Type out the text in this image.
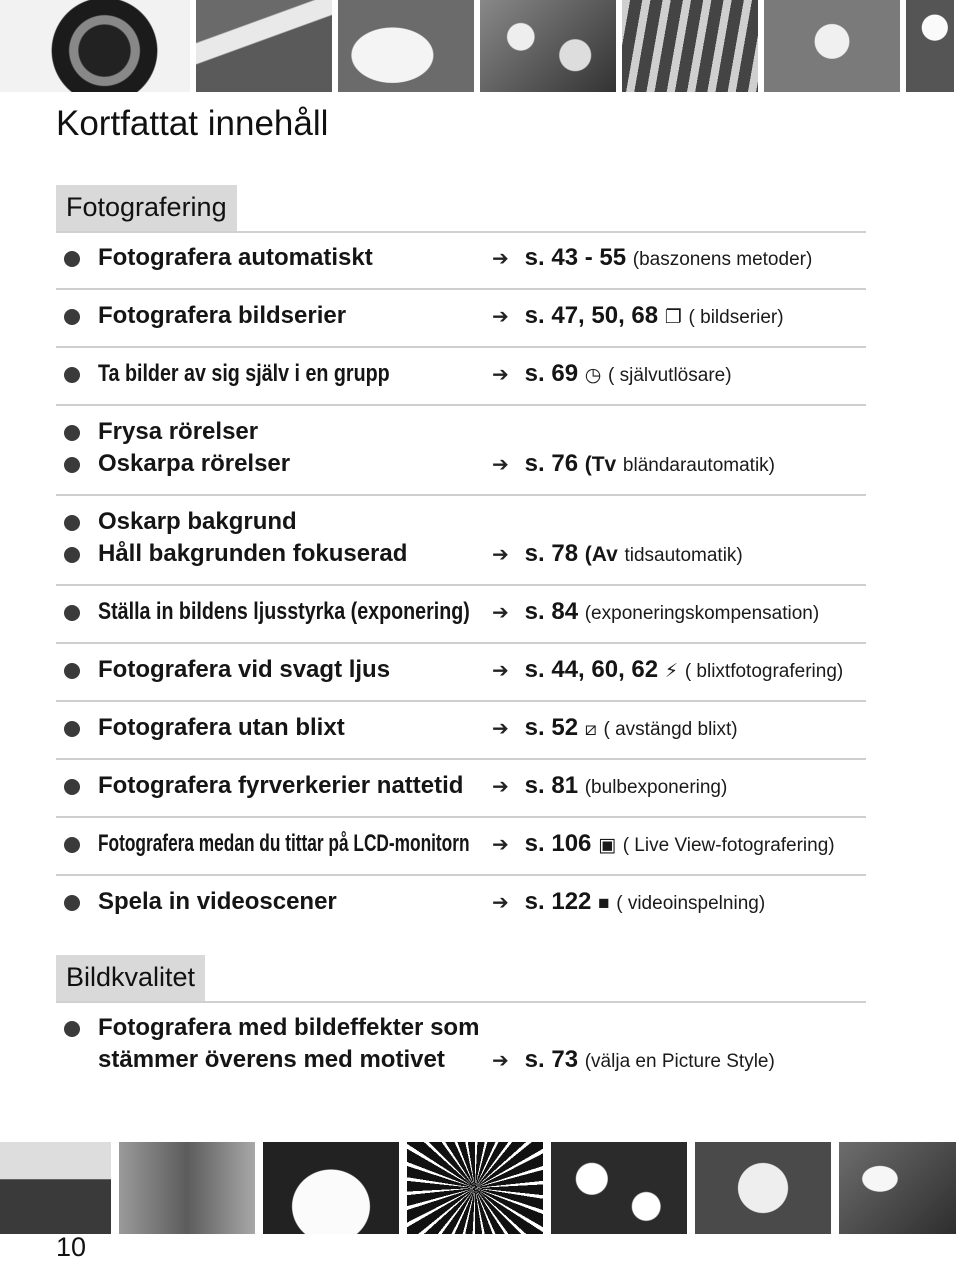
Kortfattat innehåll
Fotografering
Fotografera automatiskt	➔ s. 43 - 55 (baszonens metoder)
Fotografera bildserier	➔ s. 47, 50, 68 ❐ ( bildserier)
Ta bilder av sig själv i en grupp	➔ s. 69 ◷ ( självutlösare)
Frysa rörelser
Oskarpa rörelser	➔ s. 76 (Tv bländarautomatik)
Oskarp bakgrund
Håll bakgrunden fokuserad	➔ s. 78 (Av tidsautomatik)
Ställa in bildens ljusstyrka (exponering) ➔ s. 84 (exponeringskompensation)
Fotografera vid svagt ljus	➔ s. 44, 60, 62 ⚡ ( blixtfotografering)
Fotografera utan blixt	➔ s. 52 ⧄ ( avstängd blixt)
Fotografera fyrverkerier nattetid ➔ s. 81 (bulbexponering)
Fotografera medan du tittar på LCD-monitorn ➔ s. 106 ▣ ( Live View-fotografering)
Spela in videoscener	➔ s. 122 ■ ( videoinspelning)
Bildkvalitet
Fotografera med bildeffekter som
stämmer överens med motivet ➔ s. 73 (välja en Picture Style)
10
